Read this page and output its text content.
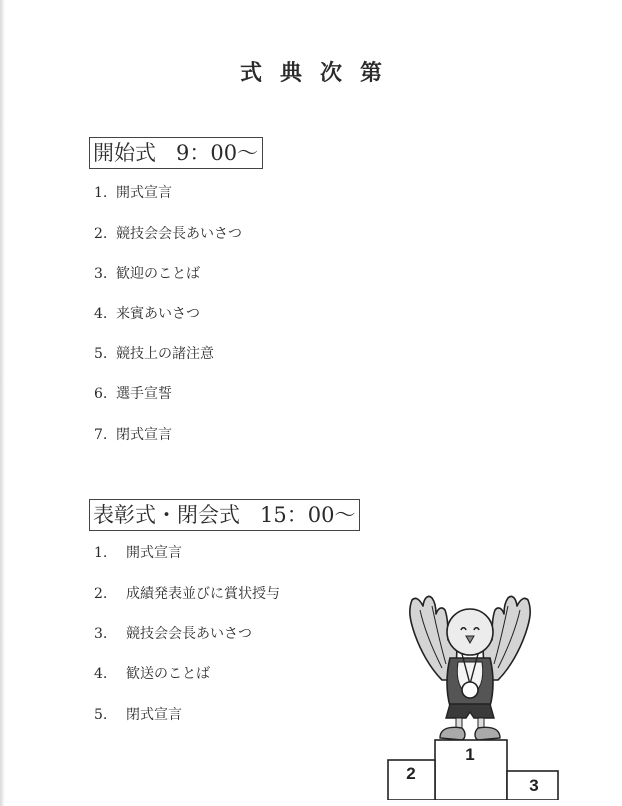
式典次第
開始式 9：00〜
1. 開式宣言
2. 競技会会長あいさつ
3. 歓迎のことば
4. 来賓あいさつ
5. 競技上の諸注意
6. 選手宣誓
7. 閉式宣言
表彰式・閉会式 15：00〜
1. 開式宣言
2. 成績発表並びに賞状授与
3. 競技会会長あいさつ
4. 歓送のことば
5. 閉式宣言
1
2
3
